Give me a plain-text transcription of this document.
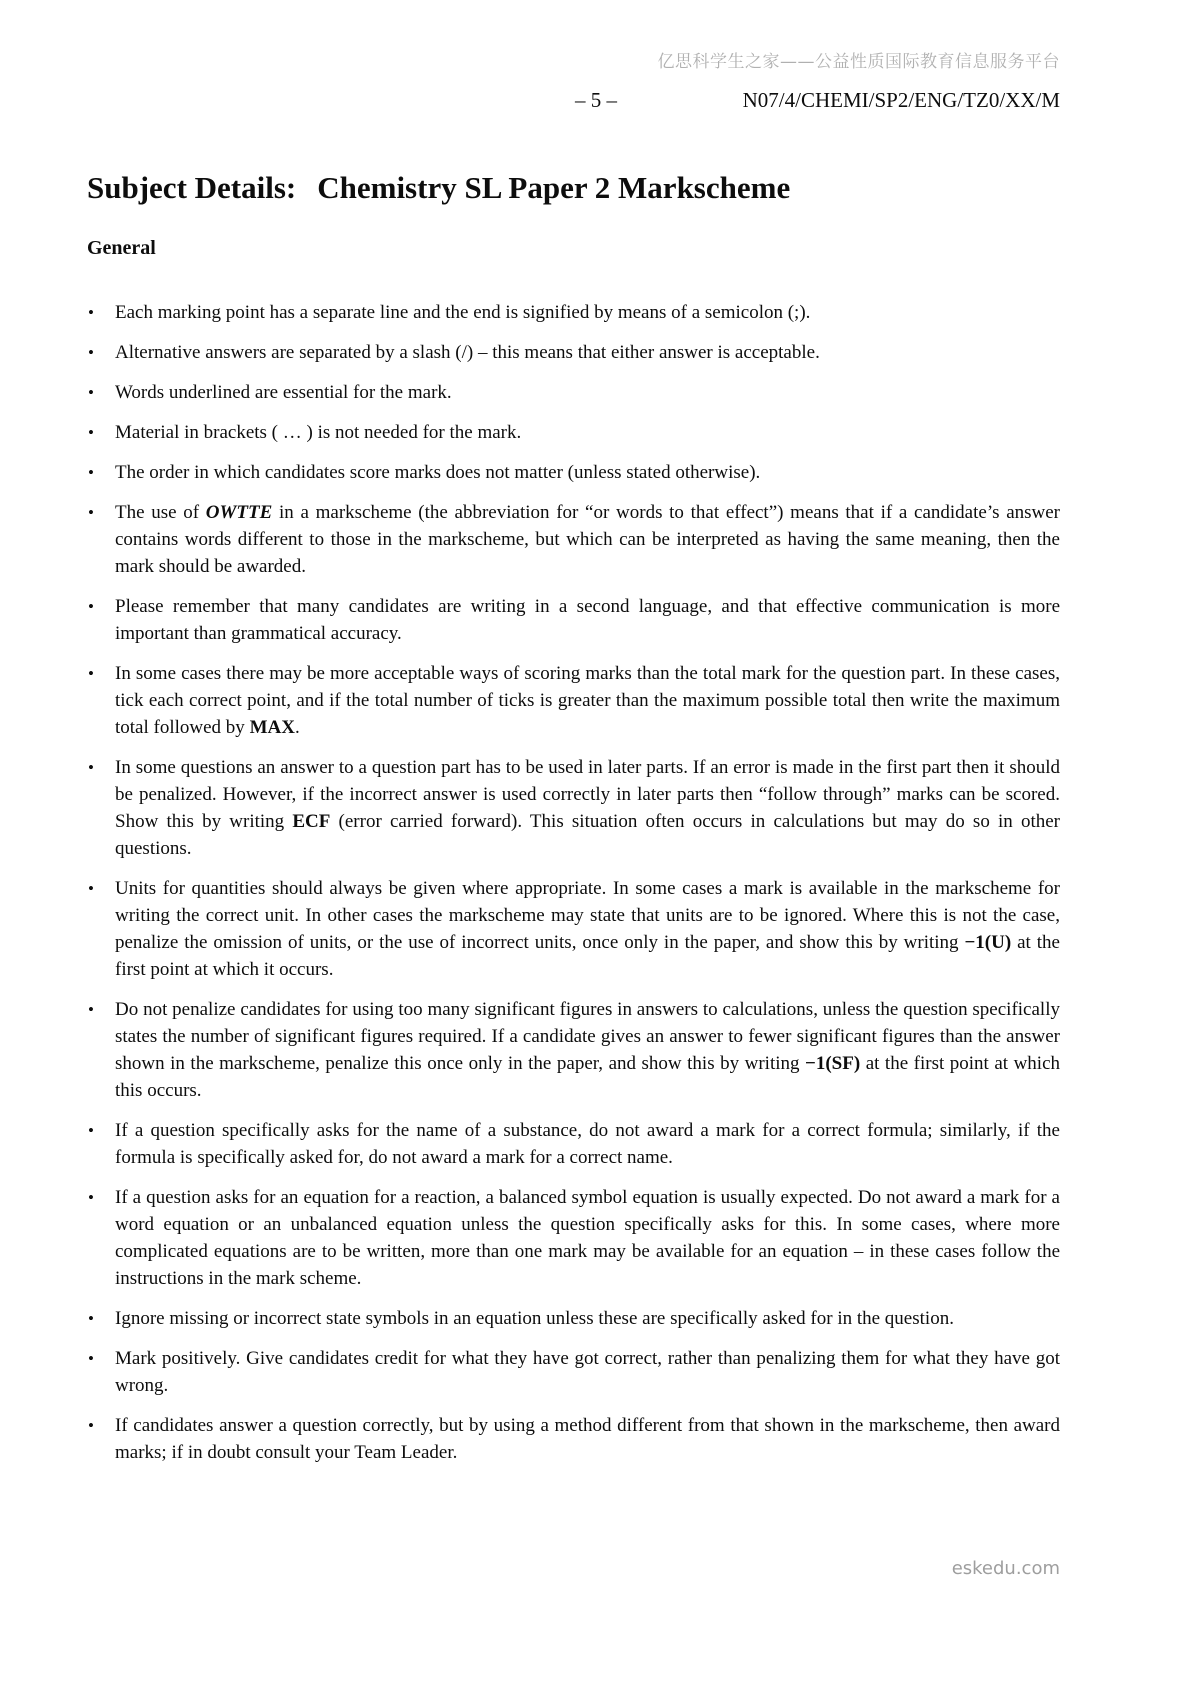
亿思科学生之家——公益性质国际教育信息服务平台
– 5 –	N07/4/CHEMI/SP2/ENG/TZ0/XX/M
Subject Details: Chemistry SL Paper 2 Markscheme
General
• Each marking point has a separate line and the end is signified by means of a semicolon (;).
• Alternative answers are separated by a slash (/) – this means that either answer is acceptable.
• Words underlined are essential for the mark.
• Material in brackets ( … ) is not needed for the mark.
• The order in which candidates score marks does not matter (unless stated otherwise).
• The use of OWTTE in a markscheme (the abbreviation for “or words to that effect”) means that if a candidate’s answer contains words different to those in the markscheme, but which can be interpreted as having the same meaning, then the mark should be awarded.
• Please remember that many candidates are writing in a second language, and that effective communication is more important than grammatical accuracy.
• In some cases there may be more acceptable ways of scoring marks than the total mark for the question part. In these cases, tick each correct point, and if the total number of ticks is greater than the maximum possible total then write the maximum total followed by MAX.
• In some questions an answer to a question part has to be used in later parts. If an error is made in the first part then it should be penalized. However, if the incorrect answer is used correctly in later parts then “follow through” marks can be scored. Show this by writing ECF (error carried forward). This situation often occurs in calculations but may do so in other questions.
• Units for quantities should always be given where appropriate. In some cases a mark is available in the markscheme for writing the correct unit. In other cases the markscheme may state that units are to be ignored. Where this is not the case, penalize the omission of units, or the use of incorrect units, once only in the paper, and show this by writing −1(U) at the first point at which it occurs.
• Do not penalize candidates for using too many significant figures in answers to calculations, unless the question specifically states the number of significant figures required. If a candidate gives an answer to fewer significant figures than the answer shown in the markscheme, penalize this once only in the paper, and show this by writing −1(SF) at the first point at which this occurs.
• If a question specifically asks for the name of a substance, do not award a mark for a correct formula; similarly, if the formula is specifically asked for, do not award a mark for a correct name.
• If a question asks for an equation for a reaction, a balanced symbol equation is usually expected. Do not award a mark for a word equation or an unbalanced equation unless the question specifically asks for this. In some cases, where more complicated equations are to be written, more than one mark may be available for an equation – in these cases follow the instructions in the mark scheme.
• Ignore missing or incorrect state symbols in an equation unless these are specifically asked for in the question.
• Mark positively. Give candidates credit for what they have got correct, rather than penalizing them for what they have got wrong.
• If candidates answer a question correctly, but by using a method different from that shown in the markscheme, then award marks; if in doubt consult your Team Leader.
eskedu.com
